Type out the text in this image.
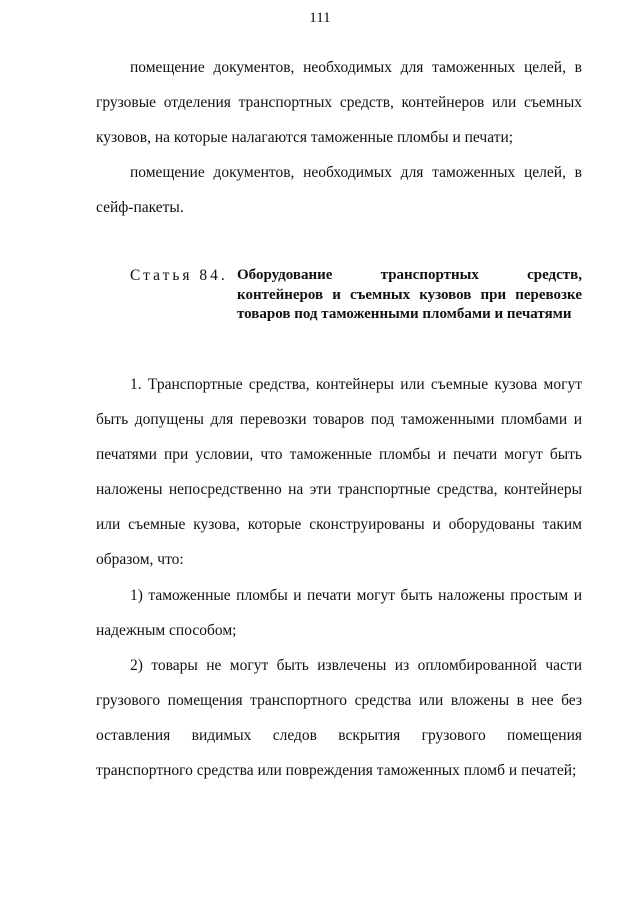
111
помещение документов, необходимых для таможенных целей, в грузовые отделения транспортных средств, контейнеров или съемных кузовов, на которые налагаются таможенные пломбы и печати;
помещение документов, необходимых для таможенных целей, в сейф-пакеты.
Статья 84. Оборудование транспортных средств, контейнеров и съемных кузовов при перевозке товаров под таможенными пломбами и печатями
1. Транспортные средства, контейнеры или съемные кузова могут быть допущены для перевозки товаров под таможенными пломбами и печатями при условии, что таможенные пломбы и печати могут быть наложены непосредственно на эти транспортные средства, контейнеры или съемные кузова, которые сконструированы и оборудованы таким образом, что:
1) таможенные пломбы и печати могут быть наложены простым и надежным способом;
2) товары не могут быть извлечены из опломбированной части грузового помещения транспортного средства или вложены в нее без оставления видимых следов вскрытия грузового помещения транспортного средства или повреждения таможенных пломб и печатей;
